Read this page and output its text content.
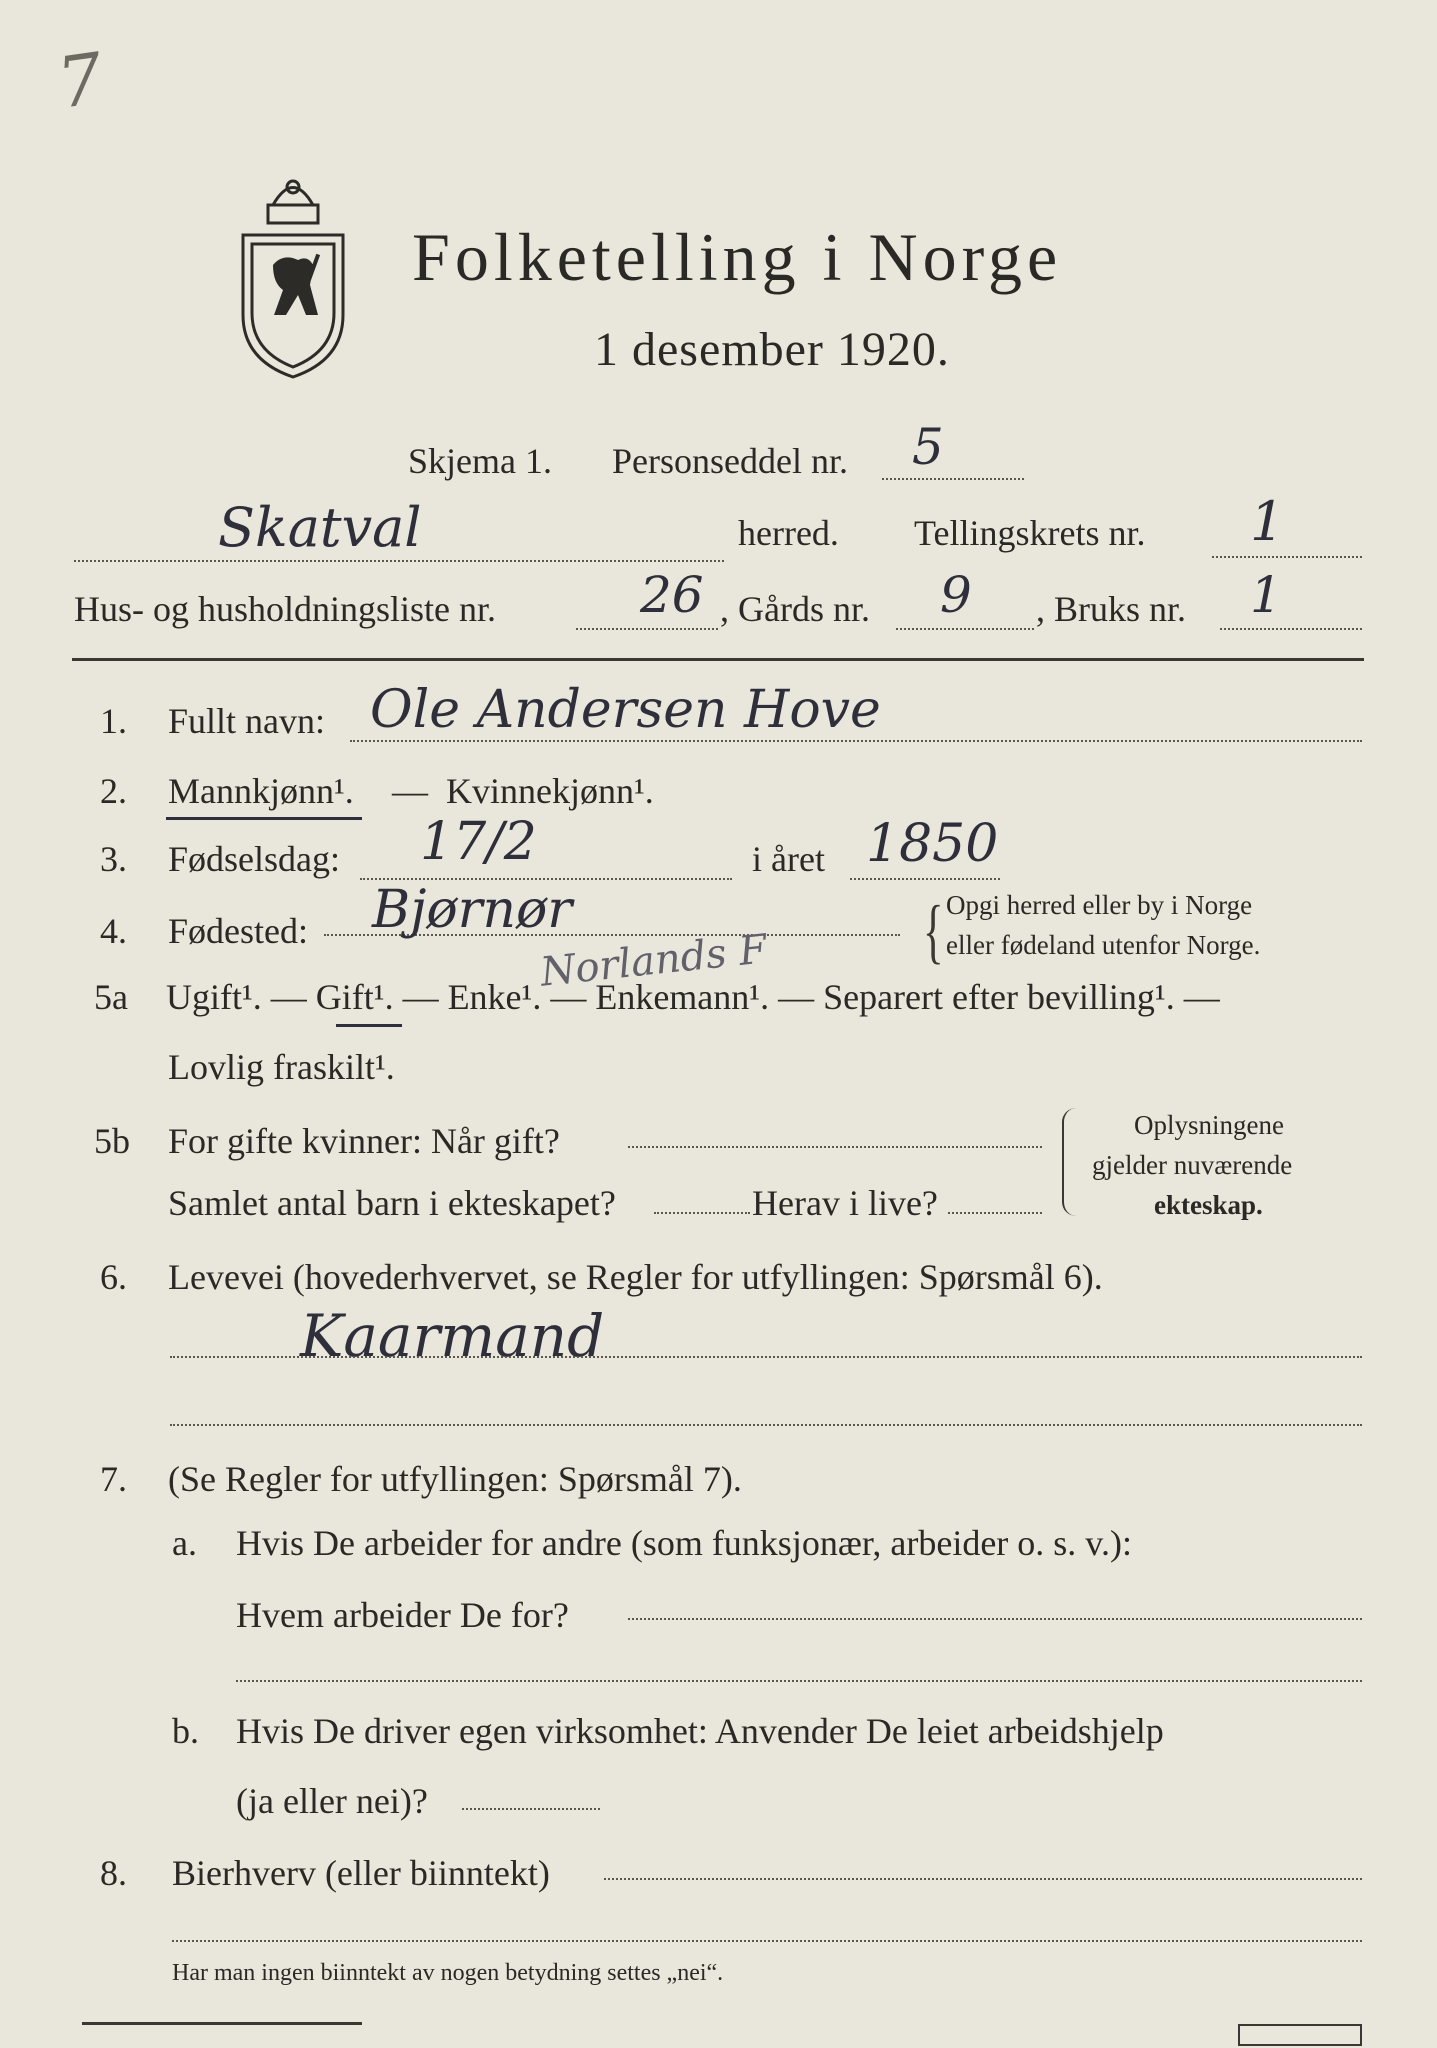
7
Folketelling i Norge
1 desember 1920.
Skjema 1. Personseddel nr. 5
Skatval	herred. Tellingskrets nr. 1
Hus- og husholdningsliste nr.	26 , Gårds nr. 9 , Bruks nr. 1
1. Fullt navn: Ole Andersen Hove
2. Mannkjønn¹. — Kvinnekjønn¹.
3. Fødselsdag: 17/2	i året 1850
4. Fødested: Bjørnør
Norlands F { Opgi herred eller by i Norge
eller fødeland utenfor Norge.
5a Ugift¹. — Gift¹. — Enke¹. — Enkemann¹. — Separert efter bevilling¹. —
Lovlig fraskilt¹.
5b For gifte kvinner: Når gift?
Samlet antal barn i ekteskapet?	Herav i live?
Oplysningene
gjelder nuværende
ekteskap.
6. Levevei (hovederhvervet, se Regler for utfyllingen: Spørsmål 6).
Kaarmand
7. (Se Regler for utfyllingen: Spørsmål 7).
a. Hvis De arbeider for andre (som funksjonær, arbeider o. s. v.):
Hvem arbeider De for?
b. Hvis De driver egen virksomhet: Anvender De leiet arbeidshjelp
(ja eller nei)?
8. Bierhverv (eller biinntekt)
Har man ingen biinntekt av nogen betydning settes „nei“.
